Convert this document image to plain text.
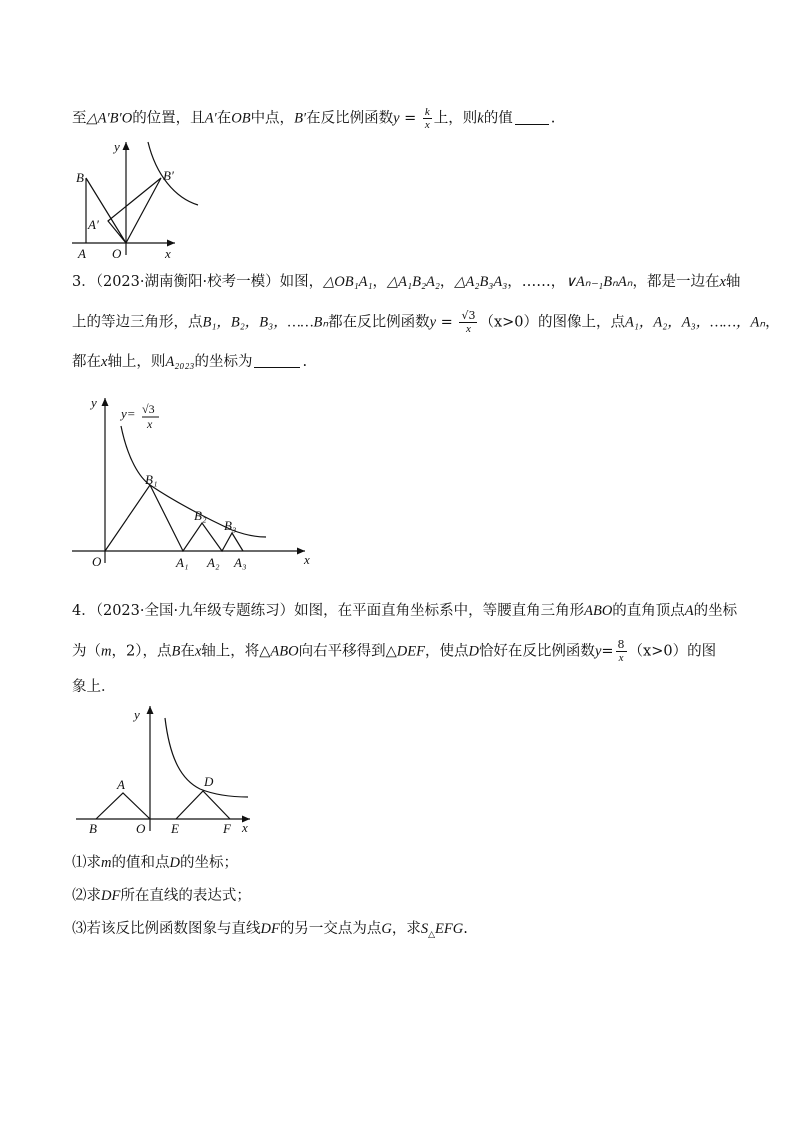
至△A′B′O的位置，且A′在OB中点，B′在反比例函数$y = \frac{k}{x}$ 上，则k的值	.
B
A′
A O
B′
y
x
3．（2023·湖南衡阳·校考一模）如图，△OB₁A₁，△A₁B₂A₂，△A₂B₃A₃，……，∨Aₙ₋₁BₙAₙ，都是一边在x轴
上的等边三角形，点B₁，B₂，B₃，……Bₙ都在反比例函数$y = \frac{√3}{x} (x>0)$的图像上，点A₁，A₂，A₃，……，Aₙ，
都在x轴上，则A₂₀₂₃的坐标为	.
y
y= √3
x
B₁
B₂
B₃
O	A₁ A₂ A₃	x
4．（2023·全国·九年级专题练习）如图，在平面直角坐标系中，等腰直角三角形ABO的直角顶点A的坐标
为（m，2），点B在x轴上，将△ABO向右平移得到△DEF，使点D恰好在反比例函数$y= \frac{8}{x} (x>0)$的图
象上．
y
A	D
B	O E	F x
⑴求m的值和点D的坐标；
⑵求DF所在直线的表达式；
⑶若该反比例函数图象与直线DF的另一交点为点G，求$S_\triangle EFG$.
